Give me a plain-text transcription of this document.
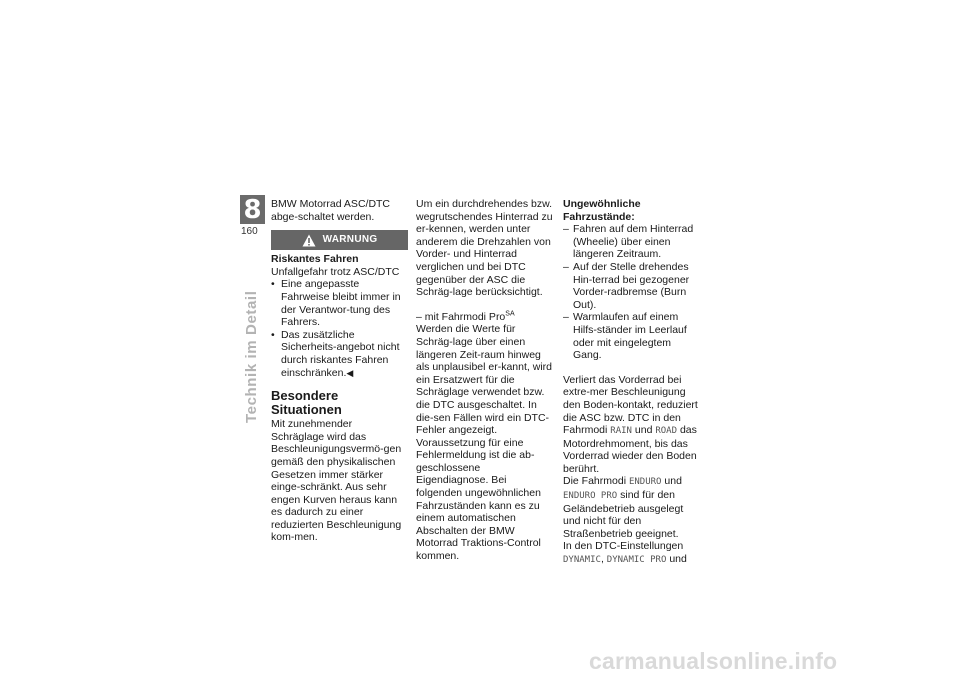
8
160
Technik im Detail

BMW Motorrad ASC/DTC abge-schaltet werden.

WARNUNG

Riskantes Fahren

Unfallgefahr trotz ASC/DTC

• Eine angepasste Fahrweise bleibt immer in der Verantwor-tung des Fahrers.
• Das zusätzliche Sicherheits-angebot nicht durch riskantes Fahren einschränken.◀

Besondere Situationen

Mit zunehmender Schräglage wird das Beschleunigungsvermö-gen gemäß den physikalischen Gesetzen immer stärker einge-schränkt. Aus sehr engen Kurven heraus kann es dadurch zu einer reduzierten Beschleunigung kom-men.

Um ein durchdrehendes bzw. wegrutschendes Hinterrad zu er-kennen, werden unter anderem die Drehzahlen von Vorder- und Hinterrad verglichen und bei DTC gegenüber der ASC die Schräg-lage berücksichtigt.

– mit Fahrmodi Pro$^{SA}$

Werden die Werte für Schräg-lage über einen längeren Zeit-raum hinweg als unplausibel er-kannt, wird ein Ersatzwert für die Schräglage verwendet bzw. die DTC ausgeschaltet. In die-sen Fällen wird ein DTC-Fehler angezeigt. Voraussetzung für eine Fehlermeldung ist die ab-geschlossene Eigendiagnose. Bei folgenden ungewöhnlichen Fahrzuständen kann es zu einem automatischen Abschalten der BMW Motorrad Traktions-Control kommen.

Ungewöhnliche Fahrzustände:

– Fahren auf dem Hinterrad (Wheelie) über einen längeren Zeitraum.
– Auf der Stelle drehendes Hin-terrad bei gezogener Vorder-radbremse (Burn Out).
– Warmlaufen auf einem Hilfs-ständer im Leerlauf oder mit eingelegtem Gang.

Verliert das Vorderrad bei extre-mer Beschleunigung den Boden-kontakt, reduziert die ASC bzw. DTC in den Fahrmodi RAIN und ROAD das Motordrehmoment, bis das Vorderrad wieder den Boden berührt.

Die Fahrmodi ENDURO und ENDURO PRO sind für den Geländebetrieb ausgelegt und nicht für den Straßenbetrieb geeignet.

In den DTC-Einstellungen
DYNAMIC, DYNAMIC PRO und

carmanualsonline.info
